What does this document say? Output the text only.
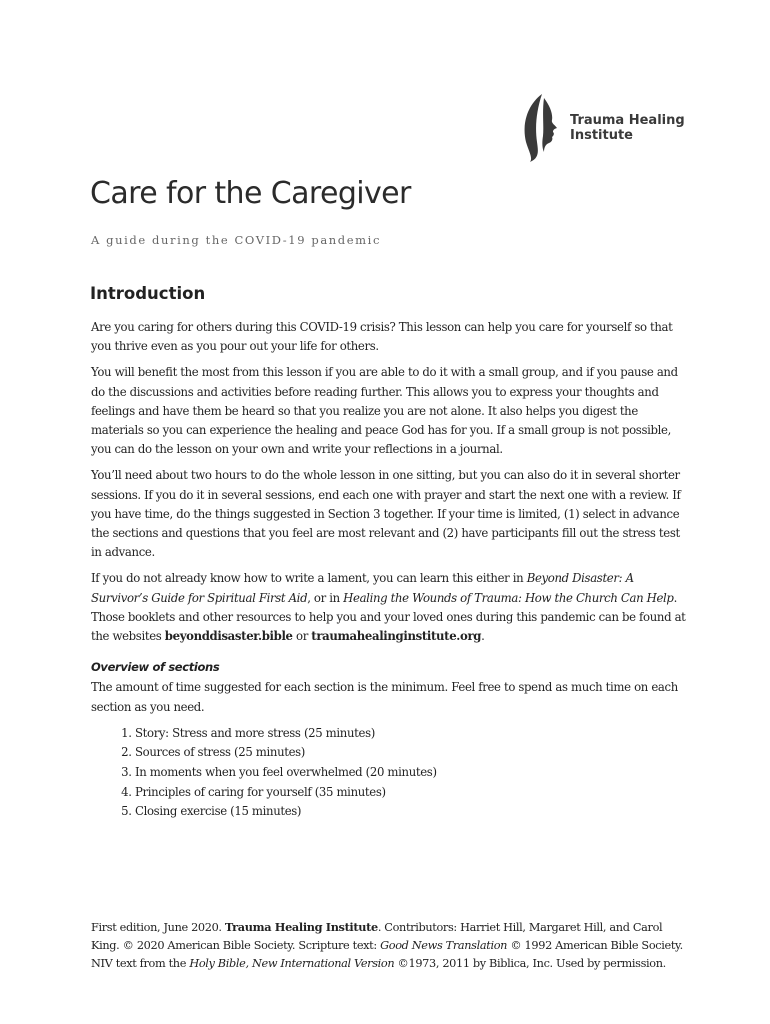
Trauma Healing
Institute
Care for the Caregiver

A guide during the COVID-19 pandemic

Introduction

Are you caring for others during this COVID-19 crisis? This lesson can help you care for yourself so that you thrive even as you pour out your life for others.

You will benefit the most from this lesson if you are able to do it with a small group, and if you pause and do the discussions and activities before reading further. This allows you to express your thoughts and feelings and have them be heard so that you realize you are not alone. It also helps you digest the materials so you can experience the healing and peace God has for you. If a small group is not possible, you can do the lesson on your own and write your reflections in a journal.

You’ll need about two hours to do the whole lesson in one sitting, but you can also do it in several shorter sessions. If you do it in several sessions, end each one with prayer and start the next one with a review. If you have time, do the things suggested in Section 3 together. If your time is limited, (1) select in advance the sections and questions that you feel are most relevant and (2) have participants fill out the stress test in advance.

If you do not already know how to write a lament, you can learn this either in Beyond Disaster: A Survivor’s Guide for Spiritual First Aid, or in Healing the Wounds of Trauma: How the Church Can Help. Those booklets and other resources to help you and your loved ones during this pandemic can be found at the websites beyonddisaster.bible or traumahealinginstitute.org.

Overview of sections

The amount of time suggested for each section is the minimum. Feel free to spend as much time on each section as you need.

1. Story: Stress and more stress (25 minutes)
2. Sources of stress (25 minutes)
3. In moments when you feel overwhelmed (20 minutes)
4. Principles of caring for yourself (35 minutes)
5. Closing exercise (15 minutes)
First edition, June 2020. Trauma Healing Institute. Contributors: Harriet Hill, Margaret Hill, and Carol King. © 2020 American Bible Society. Scripture text: Good News Translation © 1992 American Bible Society. NIV text from the Holy Bible, New International Version ©1973, 2011 by Biblica, Inc. Used by permission.
